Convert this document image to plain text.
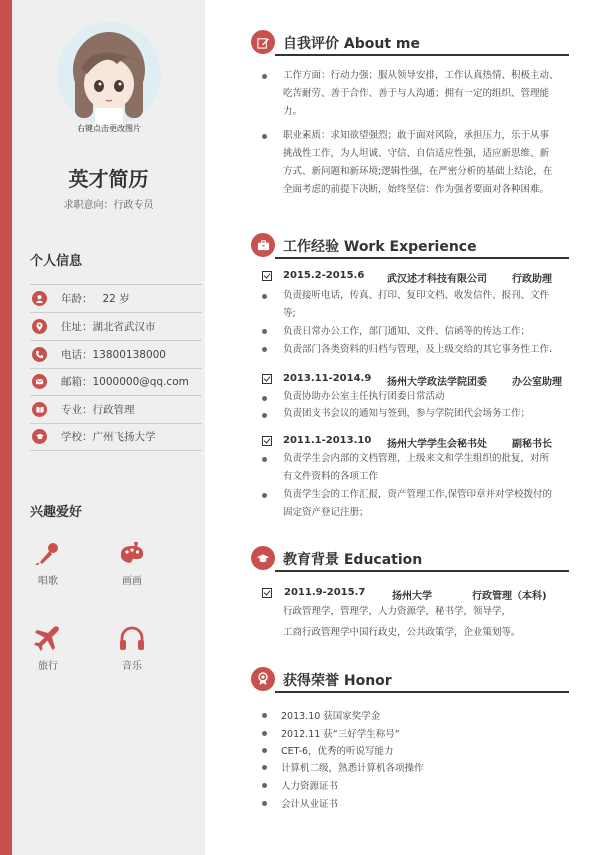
右键点击更改图片
英才简历
求职意向：行政专员
个人信息
年龄： 22 岁
住址： 湖北省武汉市
电话： 13800138000
邮箱： 1000000@qq.com
专业： 行政管理
学校： 广州飞扬大学
兴趣爱好
唱歌	画画
旅行	音乐
自我评价 About me
工作方面：行动力强；服从领导安排，工作认真热情、积极主动、
吃苦耐劳、善于合作、善于与人沟通；拥有一定的组织、管理能
力。
职业素质：求知欲望强烈；敢于面对风险，承担压力，乐于从事
挑战性工作，为人坦诚、守信、自信适应性强，适应新思维、新
方式、新问题和新环境;逻辑性强，在严密分析的基础上结论，在
全面考虑的前提下决断，始终坚信：作为强者要面对各种困难。
工作经验 Work Experience
2015.2-2015.6 武汉述才科技有限公司	行政助理
负责接听电话，传真、打印、复印文档、收发信件、报刊、文件
等;
负责日常办公工作，部门通知、文件、信函等的传达工作；
负责部门各类资料的归档与管理，及上级交给的其它事务性工作.
2013.11-2014.9 扬州大学政法学院团委	办公室助理
负责协助办公室主任执行团委日常活动
负责团支书会议的通知与签到，参与学院团代会场务工作；
2011.1-2013.10 扬州大学学生会秘书处	副秘书长
负责学生会内部的文档管理，上级来文和学生组织的批复，对所
有文件资料的各项工作
负责学生会的工作汇报，资产管理工作,保管印章并对学校拨付的
固定资产登记注册；
教育背景 Education
2011.9-2015.7	扬州大学	行政管理（本科)
行政管理学，管理学，人力资源学，秘书学，领导学，
工商行政管理学中国行政史，公共政策学，企业策划等。
获得荣誉 Honor
2013.10 获国家奖学金
2012.11 获“三好学生称号”
CET-6，优秀的听说写能力
计算机二级，熟悉计算机各项操作
人力资源证书
会计从业证书
